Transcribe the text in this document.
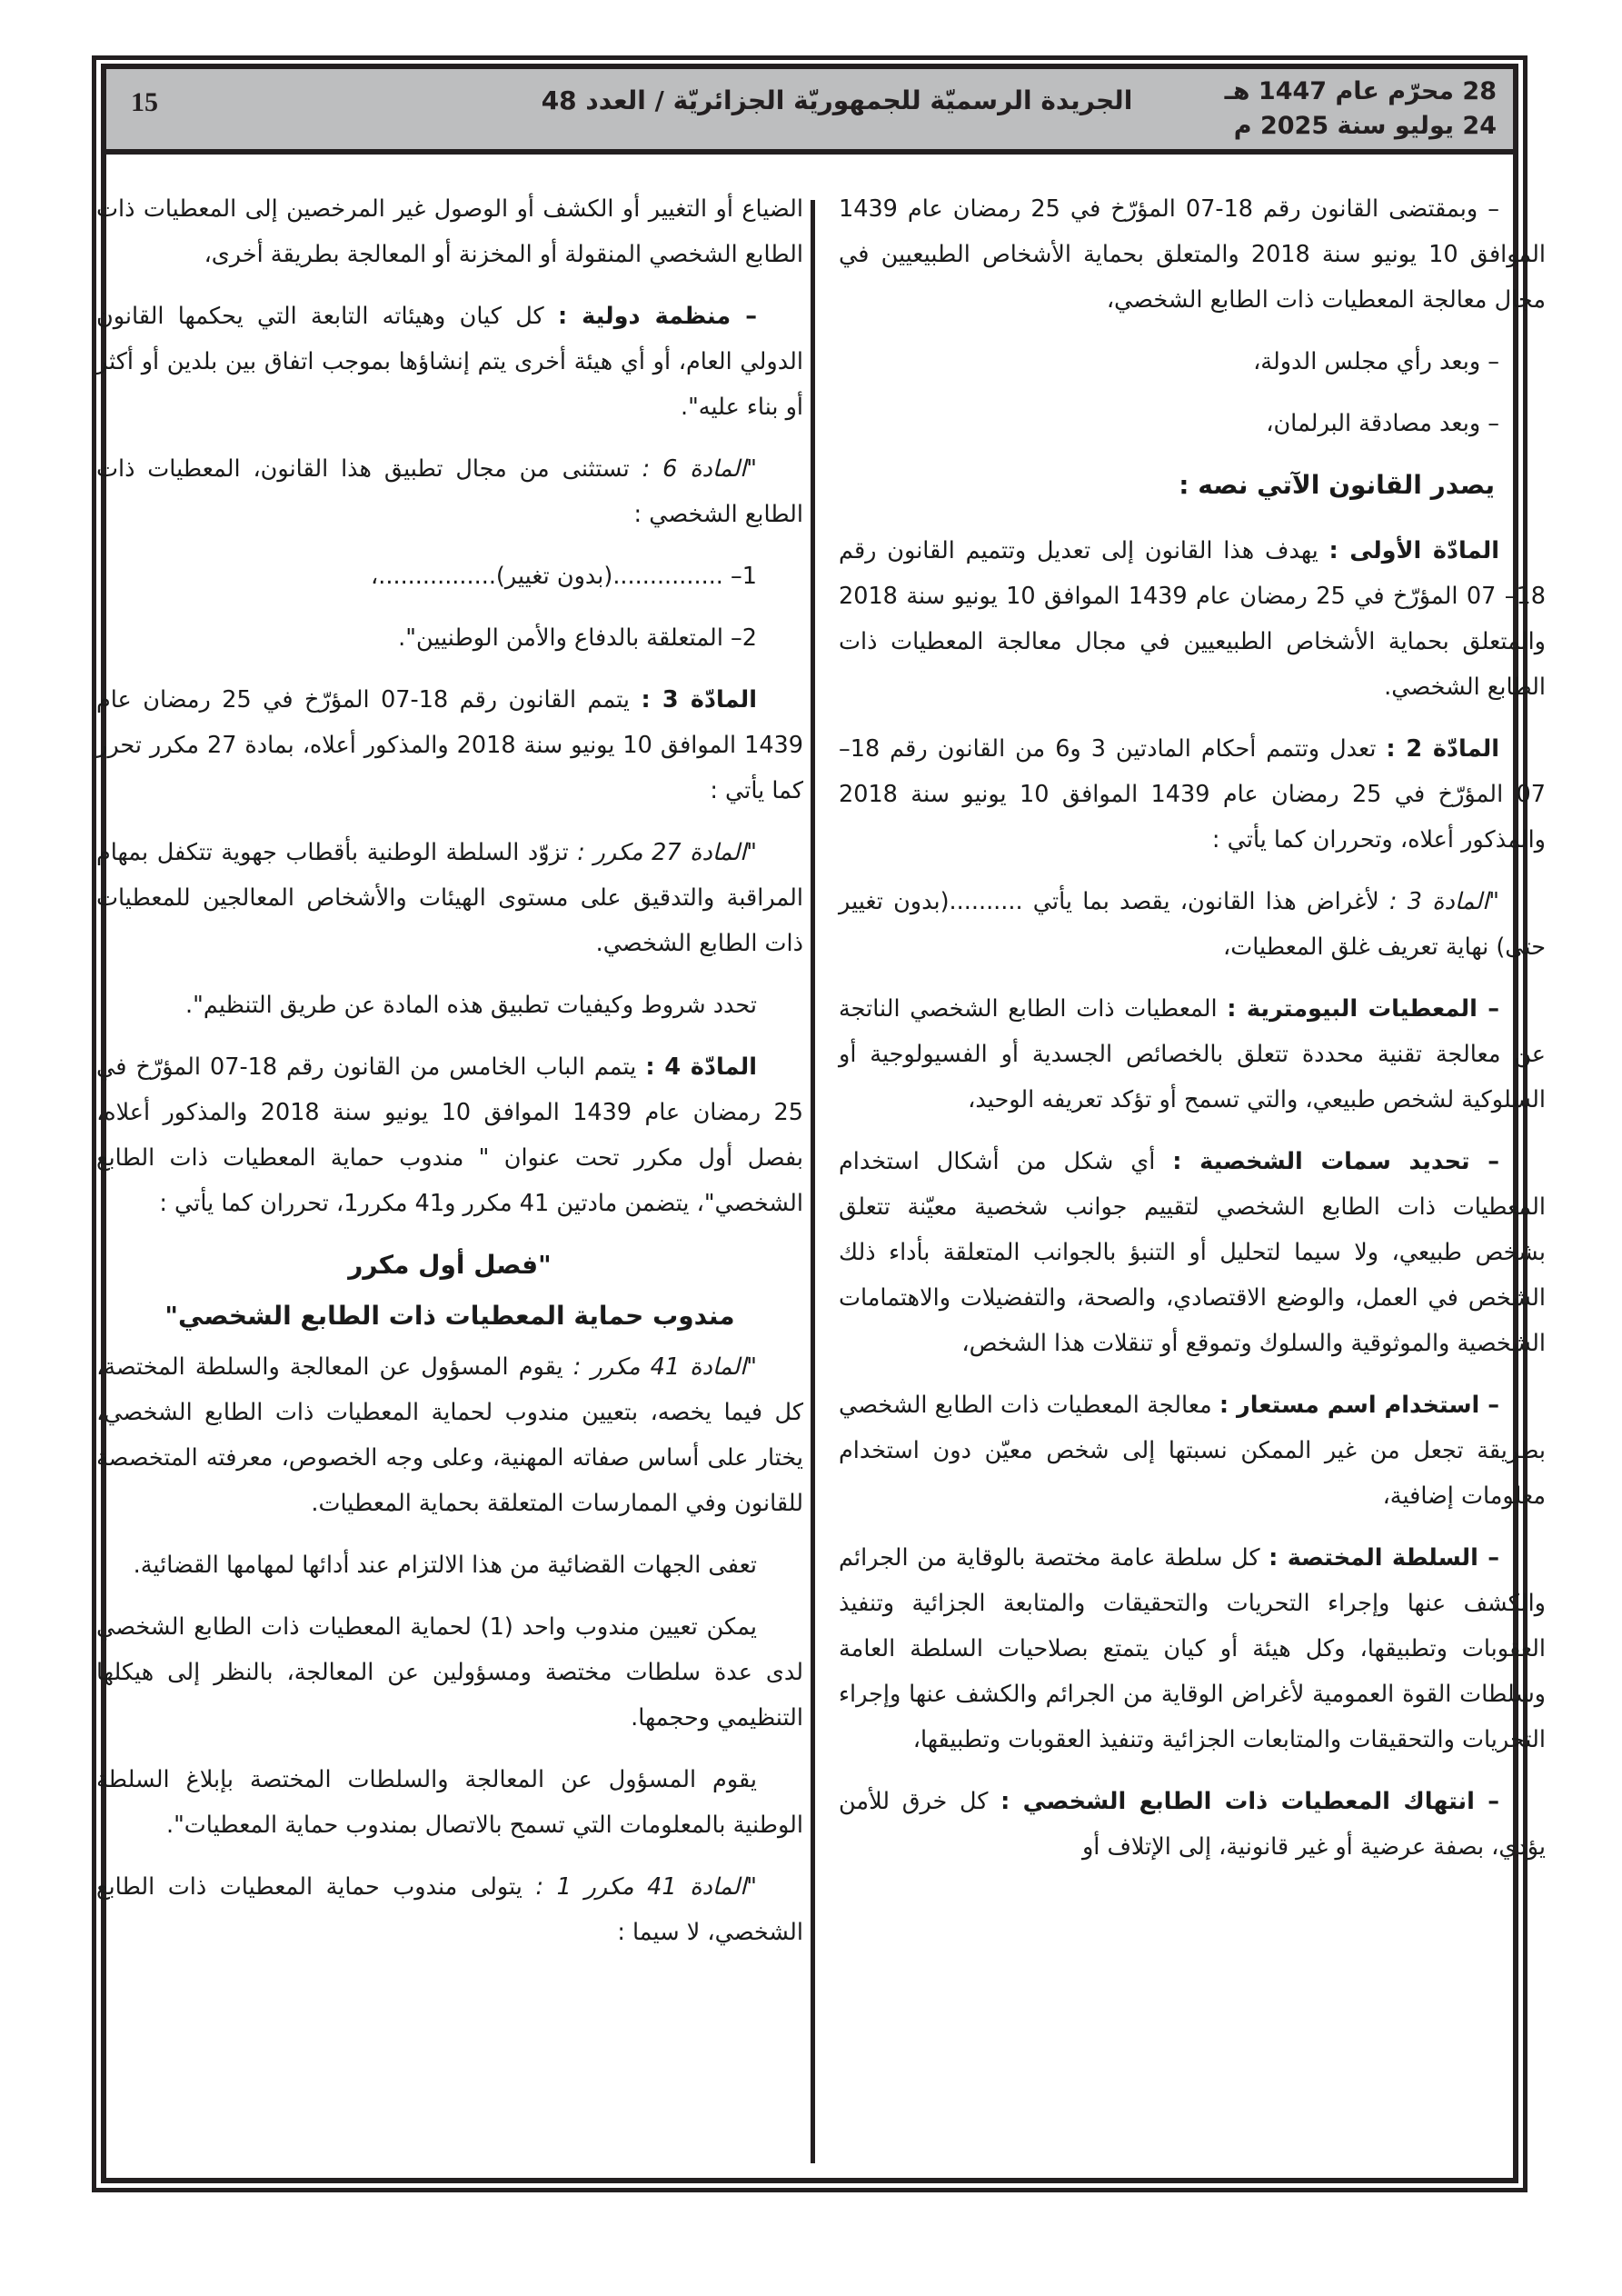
15	الجريدة الرسميّة للجمهوريّة الجزائريّة / العدد 48	28 محرّم عام 1447 هـ
24 يوليو سنة 2025 م

– وبمقتضى القانون رقم 18-07 المؤرّخ في 25 رمضان عام 1439 الموافق 10 يونيو سنة 2018 والمتعلق بحماية الأشخاص الطبيعيين في مجال معالجة المعطيات ذات الطابع الشخصي،

– وبعد رأي مجلس الدولة،

– وبعد مصادقة البرلمان،

يصدر القانون الآتي نصه :

المادّة الأولى : يهدف هذا القانون إلى تعديل وتتميم القانون رقم 18– 07 المؤرّخ في 25 رمضان عام 1439 الموافق 10 يونيو سنة 2018 والمتعلق بحماية الأشخاص الطبيعيين في مجال معالجة المعطيات ذات الطابع الشخصي.

المادّة 2 : تعدل وتتمم أحكام المادتين 3 و6 من القانون رقم 18– 07 المؤرّخ في 25 رمضان عام 1439 الموافق 10 يونيو سنة 2018 والمذكور أعلاه، وتحرران كما يأتي :

"المادة 3 : لأغراض هذا القانون، يقصد بما يأتي ..........(بدون تغيير حتى) نهاية تعريف غلق المعطيات،

– المعطيات البيومترية : المعطيات ذات الطابع الشخصي الناتجة عن معالجة تقنية محددة تتعلق بالخصائص الجسدية أو الفسيولوجية أو السلوكية لشخص طبيعي، والتي تسمح أو تؤكد تعريفه الوحيد،

– تحديد سمات الشخصية : أي شكل من أشكال استخدام المعطيات ذات الطابع الشخصي لتقييم جوانب شخصية معيّنة تتعلق بشخص طبيعي، ولا سيما لتحليل أو التنبؤ بالجوانب المتعلقة بأداء ذلك الشخص في العمل، والوضع الاقتصادي، والصحة، والتفضيلات والاهتمامات الشخصية والموثوقية والسلوك وتموقع أو تنقلات هذا الشخص،

– استخدام اسم مستعار : معالجة المعطيات ذات الطابع الشخصي بطريقة تجعل من غير الممكن نسبتها إلى شخص معيّن دون استخدام معلومات إضافية،

– السلطة المختصة : كل سلطة عامة مختصة بالوقاية من الجرائم والكشف عنها وإجراء التحريات والتحقيقات والمتابعة الجزائية وتنفيذ العقوبات وتطبيقها، وكل هيئة أو كيان يتمتع بصلاحيات السلطة العامة وسلطات القوة العمومية لأغراض الوقاية من الجرائم والكشف عنها وإجراء التحريات والتحقيقات والمتابعات الجزائية وتنفيذ العقوبات وتطبيقها،

– انتهاك المعطيات ذات الطابع الشخصي : كل خرق للأمن يؤدي، بصفة عرضية أو غير قانونية، إلى الإتلاف أو

الضياع أو التغيير أو الكشف أو الوصول غير المرخصين إلى المعطيات ذات الطابع الشخصي المنقولة أو المخزنة أو المعالجة بطريقة أخرى،

– منظمة دولية : كل كيان وهيئاته التابعة التي يحكمها القانون الدولي العام، أو أي هيئة أخرى يتم إنشاؤها بموجب اتفاق بين بلدين أو أكثر أو بناء عليه".

"المادة 6 : تستثنى من مجال تطبيق هذا القانون، المعطيات ذات الطابع الشخصي :

1– ...............(بدون تغيير)................،

2– المتعلقة بالدفاع والأمن الوطنيين".

المادّة 3 : يتمم القانون رقم 18-07 المؤرّخ في 25 رمضان عام 1439 الموافق 10 يونيو سنة 2018 والمذكور أعلاه، بمادة 27 مكرر تحرر كما يأتي :

"المادة 27 مكرر : تزوّد السلطة الوطنية بأقطاب جهوية تتكفل بمهام المراقبة والتدقيق على مستوى الهيئات والأشخاص المعالجين للمعطيات ذات الطابع الشخصي.

تحدد شروط وكيفيات تطبيق هذه المادة عن طريق التنظيم".

المادّة 4 : يتمم الباب الخامس من القانون رقم 18-07 المؤرّخ في 25 رمضان عام 1439 الموافق 10 يونيو سنة 2018 والمذكور أعلاه، بفصل أول مكرر تحت عنوان " مندوب حماية المعطيات ذات الطابع الشخصي"، يتضمن مادتين 41 مكرر و41 مكرر1، تحرران كما يأتي :

"فصل أول مكرر

مندوب حماية المعطيات ذات الطابع الشخصي"

"المادة 41 مكرر : يقوم المسؤول عن المعالجة والسلطة المختصة، كل فيما يخصه، بتعيين مندوب لحماية المعطيات ذات الطابع الشخصي، يختار على أساس صفاته المهنية، وعلى وجه الخصوص، معرفته المتخصصة للقانون وفي الممارسات المتعلقة بحماية المعطيات.

تعفى الجهات القضائية من هذا الالتزام عند أدائها لمهامها القضائية.

يمكن تعيين مندوب واحد (1) لحماية المعطيات ذات الطابع الشخصي لدى عدة سلطات مختصة ومسؤولين عن المعالجة، بالنظر إلى هيكلها التنظيمي وحجمها.

يقوم المسؤول عن المعالجة والسلطات المختصة بإبلاغ السلطة الوطنية بالمعلومات التي تسمح بالاتصال بمندوب حماية المعطيات".

"المادة 41 مكرر 1 : يتولى مندوب حماية المعطيات ذات الطابع الشخصي، لا سيما :
